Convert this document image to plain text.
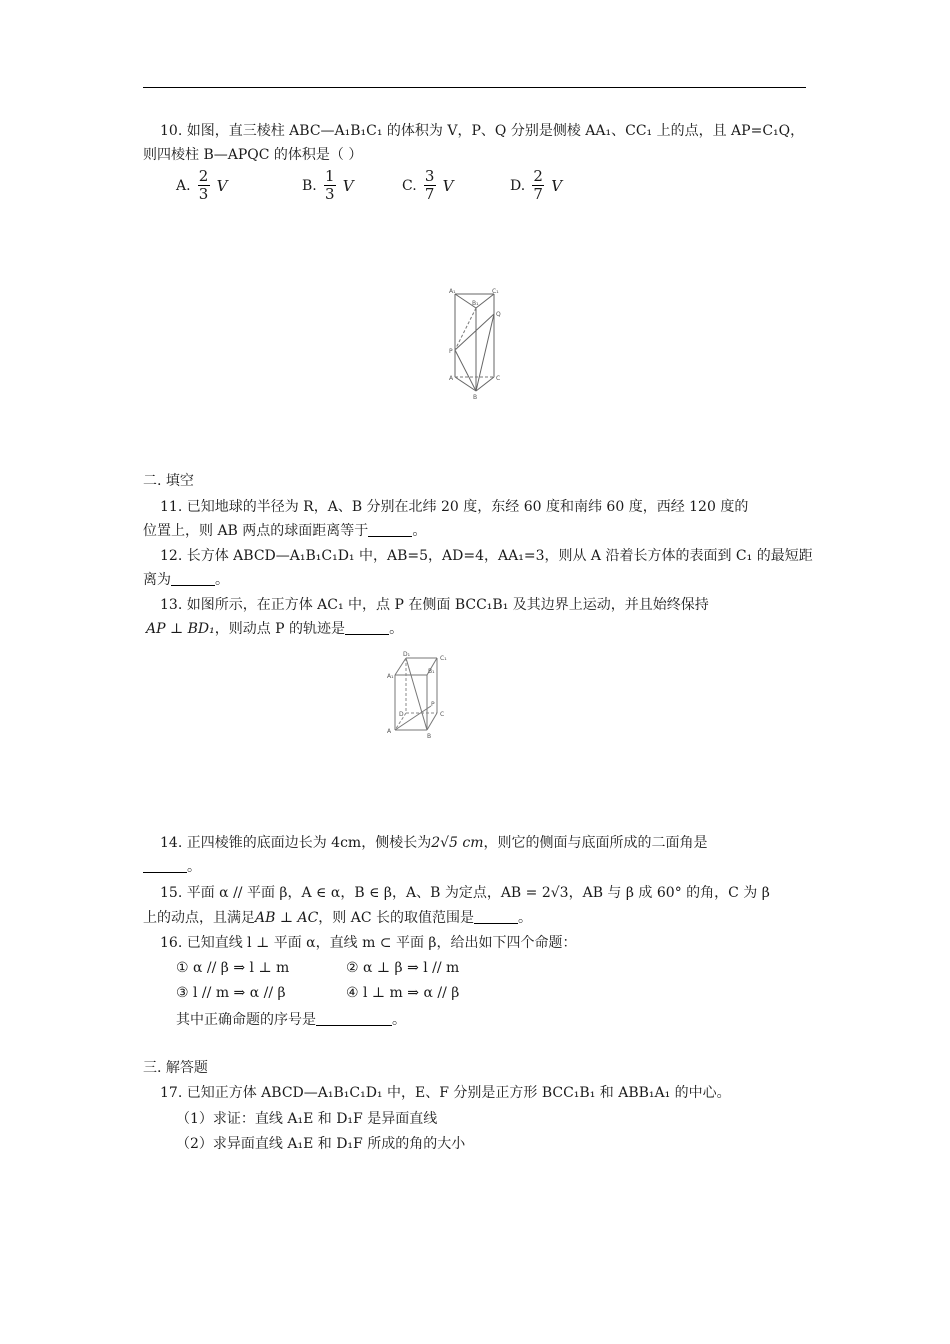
10. 如图，直三棱柱 ABC—A₁B₁C₁ 的体积为 V，P、Q 分别是侧棱 AA₁、CC₁ 上的点，且 AP=C₁Q，
则四棱柱 B—APQC 的体积是（ ）
A. $\frac{2}{3}$ V	B. $\frac{1}{3}$ V	C. $\frac{3}{7}$ V	D. $\frac{2}{7}$ V
A₁	C₁
B₁
Q
P
A	C
B
二. 填空
11. 已知地球的半径为 R，A、B 分别在北纬 20 度，东经 60 度和南纬 60 度，西经 120 度的
位置上，则 AB 两点的球面距离等于	。
12. 长方体 ABCD—A₁B₁C₁D₁ 中，AB=5，AD=4，AA₁=3，则从 A 沿着长方体的表面到 C₁ 的最短距
离为	。
13. 如图所示，在正方体 AC₁ 中，点 P 在侧面 BCC₁B₁ 及其边界上运动，并且始终保持
AP ⊥ BD₁，则动点 P 的轨迹是	。
D₁
C₁
A₁
B₁
D	C
A
B
P
14. 正四棱锥的底面边长为 4cm，侧棱长为2√5 cm，则它的侧面与底面所成的二面角是
。
15. 平面 α // 平面 β，A ∈ α，B ∈ β，A、B 为定点，AB = 2√3，AB 与 β 成 60° 的角，C 为 β
上的动点，且满足AB ⊥ AC，则 AC 长的取值范围是	。
16. 已知直线 l ⊥ 平面 α，直线 m ⊂ 平面 β，给出如下四个命题：
① α // β ⇒ l ⊥ m	② α ⊥ β ⇒ l // m
③ l // m ⇒ α // β	④ l ⊥ m ⇒ α // β
其中正确命题的序号是	。
三. 解答题
17. 已知正方体 ABCD—A₁B₁C₁D₁ 中，E、F 分别是正方形 BCC₁B₁ 和 ABB₁A₁ 的中心。
（1）求证：直线 A₁E 和 D₁F 是异面直线
（2）求异面直线 A₁E 和 D₁F 所成的角的大小
